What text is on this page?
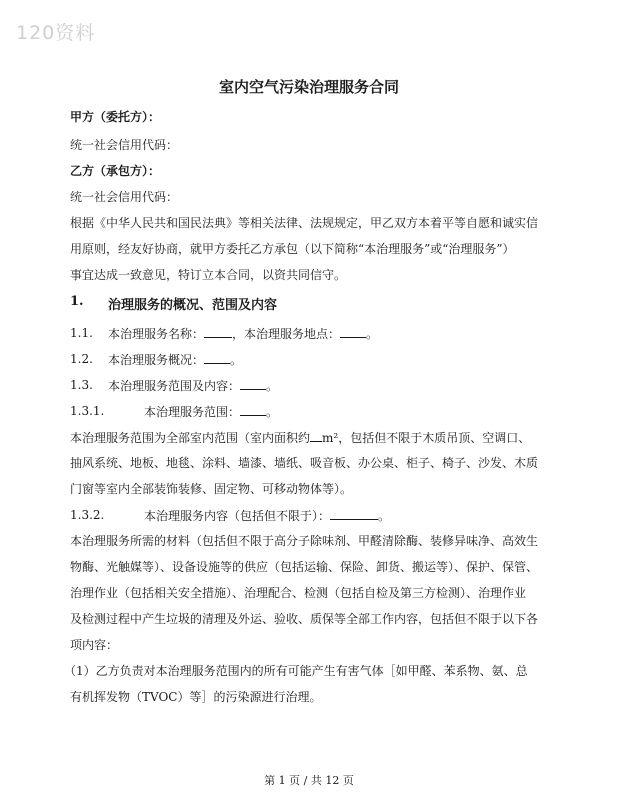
120资料
室内空气污染治理服务合同
甲方（委托方）：
统一社会信用代码：
乙方（承包方）：
统一社会信用代码：
根据《中华人民共和国民法典》等相关法律、法规规定，甲乙双方本着平等自愿和诚实信
用原则，经友好协商，就甲方委托乙方承包（以下简称“本治理服务”或“治理服务”）
事宜达成一致意见，特订立本合同，以资共同信守。
1. 治理服务的概况、范围及内容
1.1. 本治理服务名称： ，本治理服务地点： 。
1.2. 本治理服务概况： 。
1.3. 本治理服务范围及内容： 。
1.3.1.	本治理服务范围： 。
本治理服务范围为全部室内范围（室内面积约 m²，包括但不限于木质吊顶、空调口、
抽风系统、地板、地毯、涂料、墙漆、墙纸、吸音板、办公桌、柜子、椅子、沙发、木质
门窗等室内全部装饰装修、固定物、可移动物体等）。
1.3.2.	本治理服务内容（包括但不限于）：	。
本治理服务所需的材料（包括但不限于高分子除味剂、甲醛清除酶、装修异味净、高效生
物酶、光触媒等）、设备设施等的供应（包括运输、保险、卸货、搬运等）、保护、保管、
治理作业（包括相关安全措施）、治理配合、检测（包括自检及第三方检测）、治理作业
及检测过程中产生垃圾的清理及外运、验收、质保等全部工作内容，包括但不限于以下各
项内容：
（1）乙方负责对本治理服务范围内的所有可能产生有害气体［如甲醛、苯系物、氨、总
有机挥发物（TVOC）等］的污染源进行治理。
第 1 页 / 共 12 页
